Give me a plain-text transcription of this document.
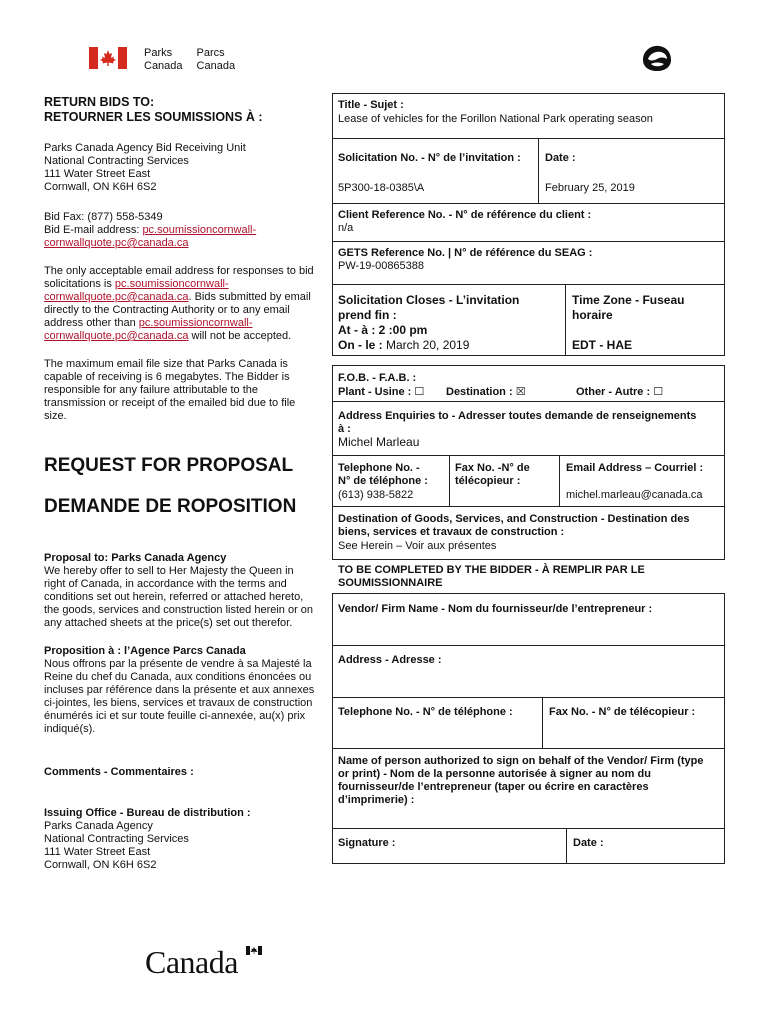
Parks
Canada
Parcs
Canada
RETURN BIDS TO:
RETOURNER LES SOUMISSIONS À :
Parks Canada Agency Bid Receiving Unit
National Contracting Services
111 Water Street East
Cornwall, ON K6H 6S2
Bid Fax: (877) 558-5349
Bid E-mail address: pc.soumissioncornwall-
cornwallquote.pc@canada.ca
The only acceptable email address for responses to bid
solicitations is pc.soumissioncornwall-
cornwallquote.pc@canada.ca. Bids submitted by email
directly to the Contracting Authority or to any email
address other than pc.soumissioncornwall-
cornwallquote.pc@canada.ca will not be accepted.
The maximum email file size that Parks Canada is
capable of receiving is 6 megabytes. The Bidder is
responsible for any failure attributable to the
transmission or receipt of the emailed bid due to file
size.
REQUEST FOR PROPOSAL
DEMANDE DE ROPOSITION
Proposal to: Parks Canada Agency
We hereby offer to sell to Her Majesty the Queen in
right of Canada, in accordance with the terms and
conditions set out herein, referred or attached hereto,
the goods, services and construction listed herein or on
any attached sheets at the price(s) set out therefor.
Proposition à : l’Agence Parcs Canada
Nous offrons par la présente de vendre à sa Majesté la
Reine du chef du Canada, aux conditions énoncées ou
incluses par référence dans la présente et aux annexes
ci-jointes, les biens, services et travaux de construction
énumérés ici et sur toute feuille ci-annexée, au(x) prix
indiqué(s).
Comments - Commentaires :
Issuing Office - Bureau de distribution :
Parks Canada Agency
National Contracting Services
111 Water Street East
Cornwall, ON K6H 6S2
Title - Sujet :
Lease of vehicles for the Forillon National Park operating season
Solicitation No. - N° de l’invitation :
5P300-18-0385\A
Date :
February 25, 2019
Client Reference No. - N° de référence du client :
n/a
GETS Reference No. | N° de référence du SEAG :
PW-19-00865388
Solicitation Closes - L’invitation
prend fin :
At - à : 2 :00 pm
On - le : March 20, 2019
Time Zone - Fuseau
horaire
EDT - HAE
F.O.B. - F.A.B. :
Plant - Usine : ☐ Destination : ☒	Other - Autre : ☐
Address Enquiries to - Adresser toutes demande de renseignements
à :
Michel Marleau
Telephone No. -
N° de téléphone :
(613) 938-5822
Fax No. -N° de
télécopieur :
Email Address – Courriel :
michel.marleau@canada.ca
Destination of Goods, Services, and Construction - Destination des
biens, services et travaux de construction :
See Herein – Voir aux présentes
TO BE COMPLETED BY THE BIDDER - À REMPLIR PAR LE
SOUMISSIONNAIRE
Vendor/ Firm Name - Nom du fournisseur/de l’entrepreneur :
Address - Adresse :
Telephone No. - N° de téléphone :	Fax No. - N° de télécopieur :
Name of person authorized to sign on behalf of the Vendor/ Firm (type
or print) - Nom de la personne autorisée à signer au nom du
fournisseur/de l’entrepreneur (taper ou écrire en caractères
d’imprimerie) :
Signature :	Date :
Canada
